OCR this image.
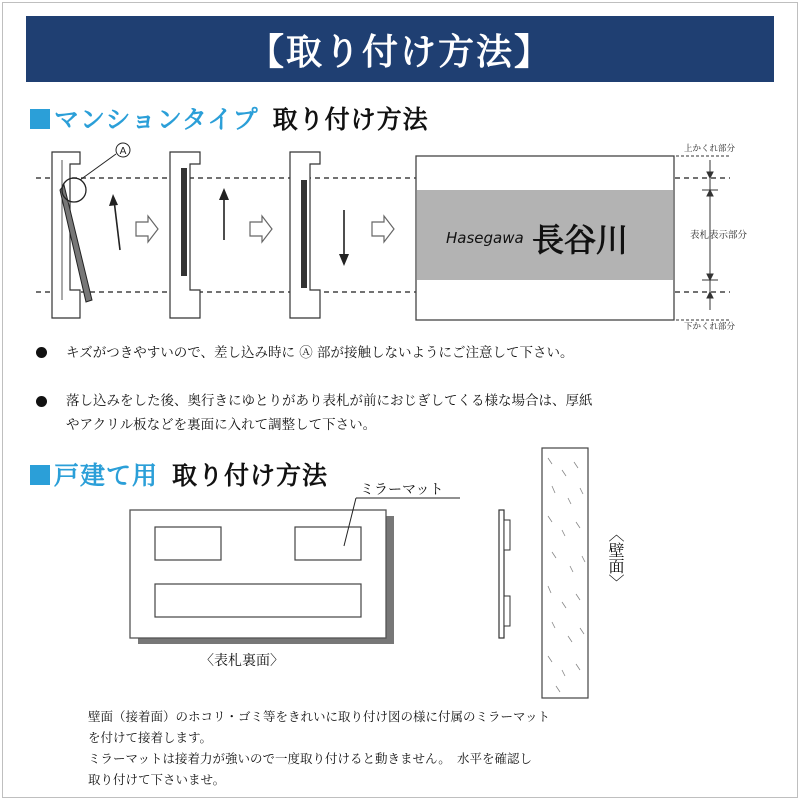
【取り付け方法】
マンションタイプ 取り付け方法
A
Hasegawa 長谷川
上かくれ部分
表札表示部分
下かくれ部分
キズがつきやすいので、差し込み時に Ⓐ 部が接触しないようにご注意して下さい。
落し込みをした後、奥行きにゆとりがあり表札が前におじぎしてくる様な場合は、厚紙
やアクリル板などを裏面に入れて調整して下さい。
戸建て用 取り付け方法 ミラーマット
〈表札裏面〉
〈壁面〉
壁面（接着面）のホコリ・ゴミ等をきれいに取り付け図の様に付属のミラーマット
を付けて接着します。
ミラーマットは接着力が強いので一度取り付けると動きません。　水平を確認し
取り付けて下さいませ。
